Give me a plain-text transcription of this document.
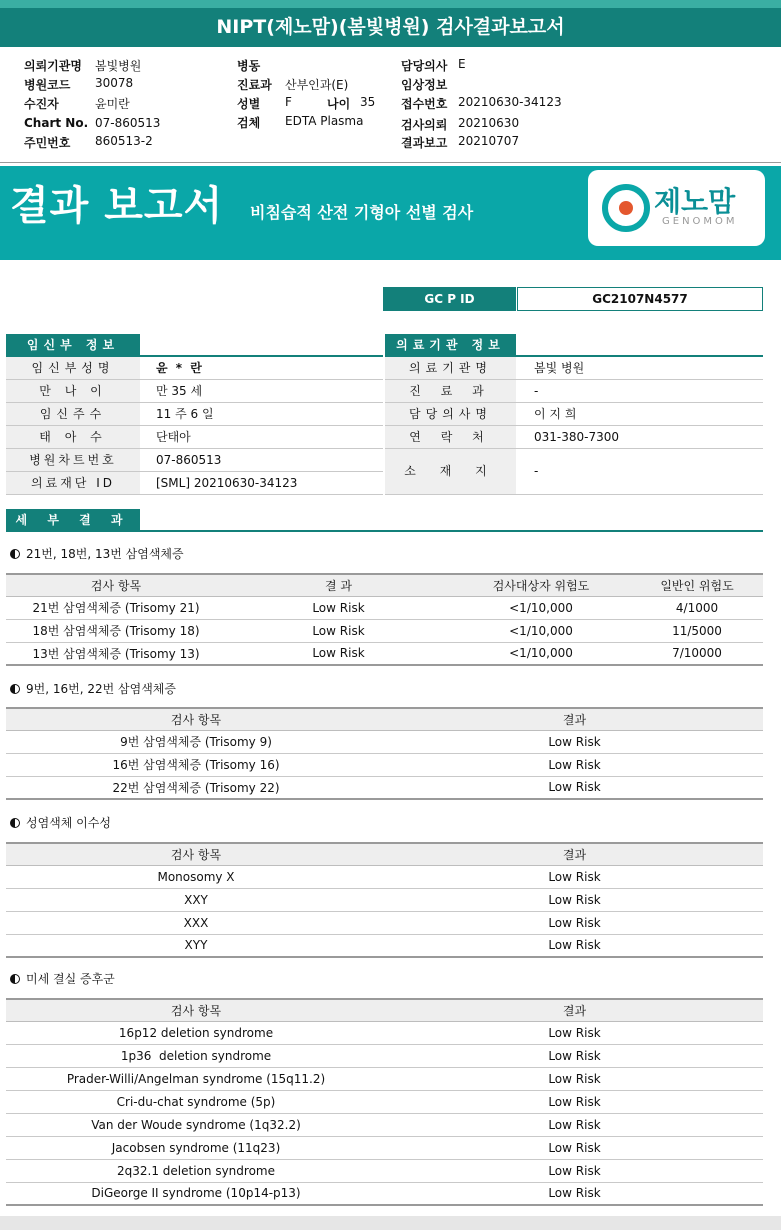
NIPT(제노맘)(봄빛병원) 검사결과보고서
의뢰기관명 봄빛병원
병원코드 30078
수진자	윤미란
Chart No. 07-860513
주민번호 860513-2
병동
진료과 산부인과(E)
성별 F	나이 35
검체 EDTA Plasma
담당의사 E
임상정보
접수번호 20210630-34123
검사의뢰 20210630
결과보고 20210707
결과 보고서 비침습적 산전 기형아 선별 검사	제노맘
GENOMOM
GC P ID	GC2107N4577
임신부 정보
임신부성명	윤 * 란
만 나 이	만 35 세
임신주수	11 주 6 일
태 아 수	단태아
병원차트번호	07-860513
의료재단 ID	[SML] 20210630-34123
의료기관 정보
의료기관명	봄빛 병원
진 료 과	-
담당의사명	이 지 희
연 락 처	031-380-7300
소 재 지	-
세 부 결 과
21번, 18번, 13번 삼염색체증
검사 항목	결 과	검사대상자 위험도	일반인 위험도
21번 삼염색체증 (Trisomy 21)	Low Risk	<1/10,000	4/1000
18번 삼염색체증 (Trisomy 18)	Low Risk	<1/10,000	11/5000
13번 삼염색체증 (Trisomy 13)	Low Risk	<1/10,000	7/10000
9번, 16번, 22번 삼염색체증
검사 항목	결과
9번 삼염색체증 (Trisomy 9)	Low Risk
16번 삼염색체증 (Trisomy 16)	Low Risk
22번 삼염색체증 (Trisomy 22)	Low Risk
성염색체 이수성
검사 항목	결과
Monosomy X	Low Risk
XXY	Low Risk
XXX	Low Risk
XYY	Low Risk
미세 결실 증후군
검사 항목	결과
16p12 deletion syndrome	Low Risk
1p36  deletion syndrome	Low Risk
Prader-Willi/Angelman syndrome (15q11.2)	Low Risk
Cri-du-chat syndrome (5p)	Low Risk
Van der Woude syndrome (1q32.2)	Low Risk
Jacobsen syndrome (11q23)	Low Risk
2q32.1 deletion syndrome	Low Risk
DiGeorge II syndrome (10p14-p13)	Low Risk
